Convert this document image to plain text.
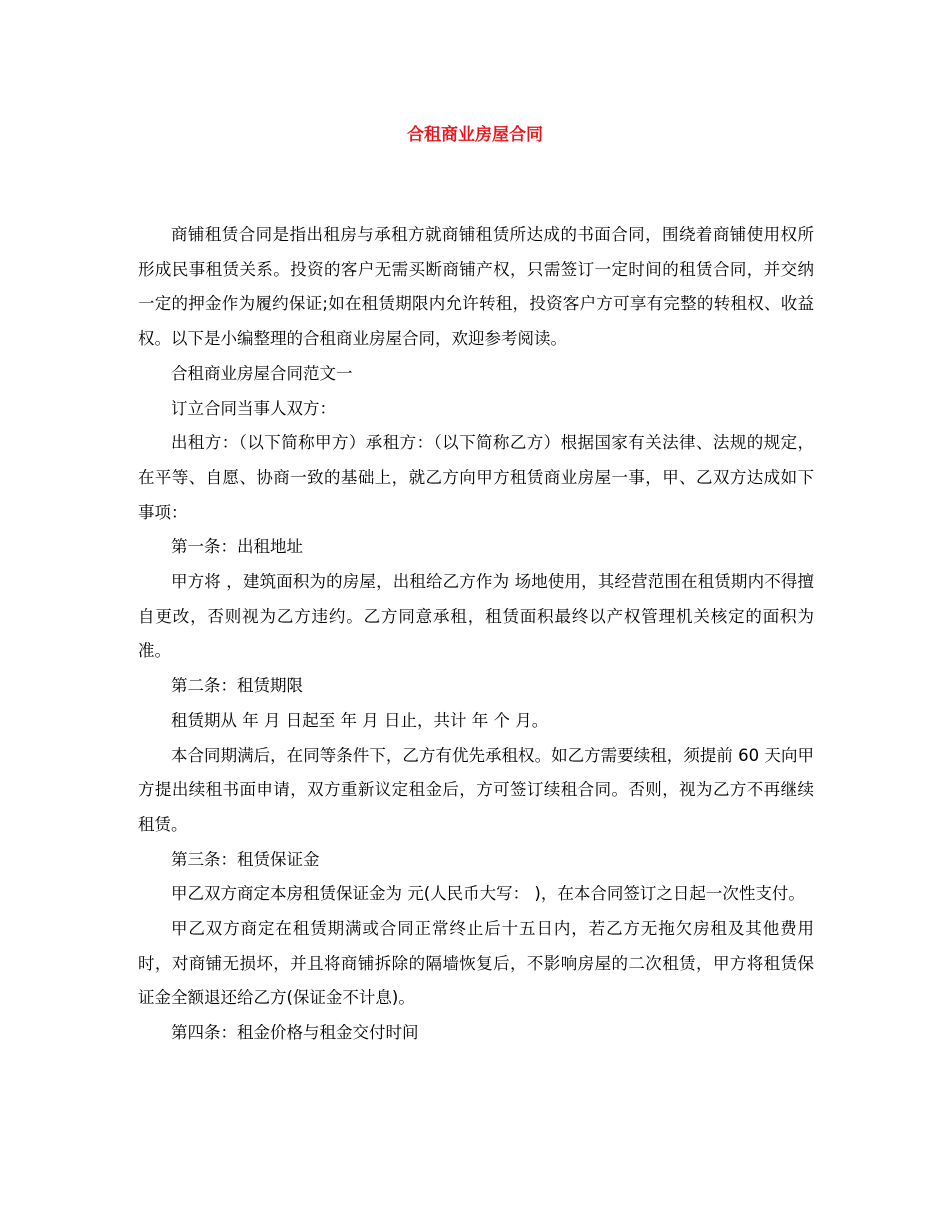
合租商业房屋合同

商铺租赁合同是指出租房与承租方就商铺租赁所达成的书面合同，围绕着商铺使用权所形成民事租赁关系。投资的客户无需买断商铺产权，只需签订一定时间的租赁合同，并交纳一定的押金作为履约保证;如在租赁期限内允许转租，投资客户方可享有完整的转租权、收益权。以下是小编整理的合租商业房屋合同，欢迎参考阅读。

合租商业房屋合同范文一

订立合同当事人双方：

出租方：（以下简称甲方）承租方：（以下简称乙方）根据国家有关法律、法规的规定，在平等、自愿、协商一致的基础上，就乙方向甲方租赁商业房屋一事，甲、乙双方达成如下事项：

第一条：出租地址

甲方将 ，建筑面积为的房屋，出租给乙方作为 场地使用，其经营范围在租赁期内不得擅自更改，否则视为乙方违约。乙方同意承租，租赁面积最终以产权管理机关核定的面积为准。

第二条：租赁期限

租赁期从 年 月 日起至 年 月 日止，共计 年 个 月。

本合同期满后，在同等条件下，乙方有优先承租权。如乙方需要续租，须提前 60 天向甲方提出续租书面申请，双方重新议定租金后，方可签订续租合同。否则，视为乙方不再继续租赁。

第三条：租赁保证金

甲乙双方商定本房租赁保证金为 元(人民币大写： )，在本合同签订之日起一次性支付。

甲乙双方商定在租赁期满或合同正常终止后十五日内，若乙方无拖欠房租及其他费用时，对商铺无损坏，并且将商铺拆除的隔墙恢复后，不影响房屋的二次租赁，甲方将租赁保证金全额退还给乙方(保证金不计息)。

第四条：租金价格与租金交付时间
